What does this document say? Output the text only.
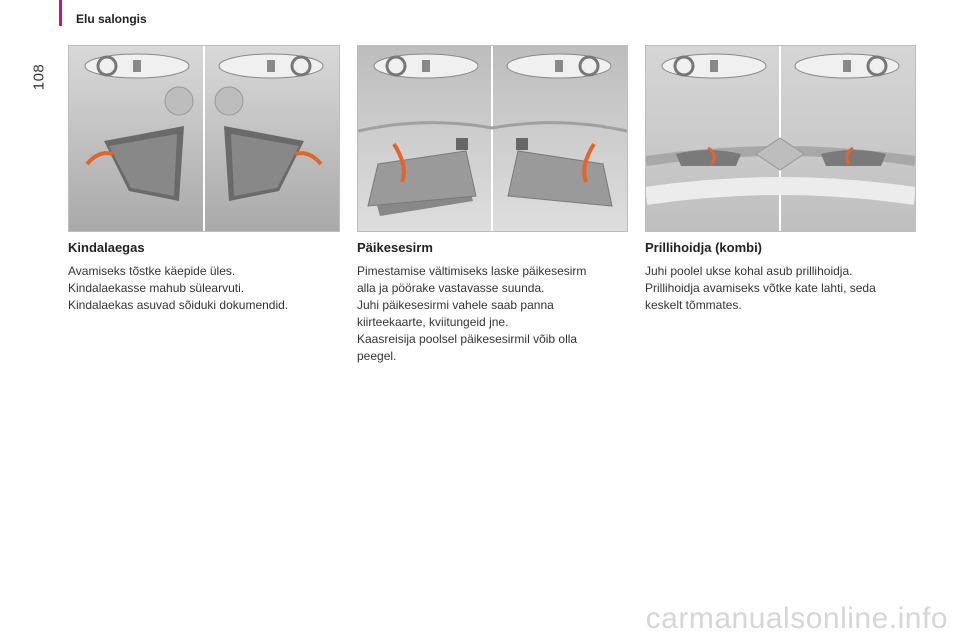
108
Elu salongis
Kindalaegas

Avamiseks tõstke käepide üles.

Kindalaekasse mahub sülearvuti.

Kindalaekas asuvad sõiduki dokumendid.

Päikesesirm

Pimestamise vältimiseks laske päikesesirm

alla ja pöörake vastavasse suunda.

Juhi päikesesirmi vahele saab panna

kiirteekaarte, kviitungeid jne.

Kaasreisija poolsel päikesesirmil võib olla

peegel.

Prillihoidja (kombi)

Juhi poolel ukse kohal asub prillihoidja.

Prillihoidja avamiseks võtke kate lahti, seda

keskelt tõmmates.

carmanualsonline.info
